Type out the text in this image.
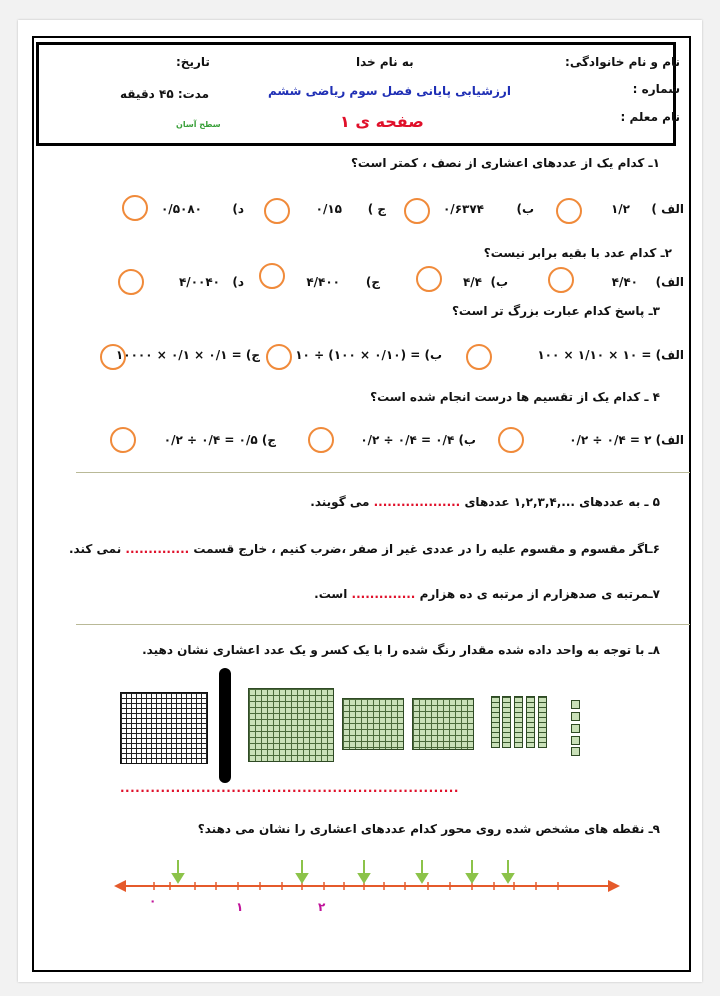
نام و نام خانوادگی:
شماره :
نام معلم :
به نام خدا
ارزشیابی پایانی فصل سوم ریاضی ششم
صفحه ی ۱
تاریخ:
مدت: ۴۵ دقیقه
سطح آسان
۱ـ کدام یک از عددهای اعشاری از نصف ، کمتر است؟
الف )
۱/۲
ب)
۰/۶۳۷۴
ج )
۰/۱۵
د)
۰/۵۰۸۰
۲ـ کدام عدد با بقیه برابر نیست؟
الف)
۴/۴۰
ب)
۴/۴
ج)
۴/۴۰۰
د)
۴/۰۰۴۰
۳ـ پاسخ کدام عبارت بزرگ تر است؟
الف) = ۱۰ × ۱/۱۰ × ۱۰۰
ب) = (۰/۱۰ × ۱۰۰) ÷ ۱۰
ج) = ۰/۱ × ۰/۱ × ۱۰۰۰۰
۴ ـ کدام یک از تقسیم ها درست انجام شده است؟
الف) ۲ = ۰/۴ ÷ ۰/۲
ب) ۰/۴ = ۰/۴ ÷ ۰/۲
ج) ۰/۵ = ۰/۴ ÷ ۰/۲
۵ ـ به عددهای ...,۱,۲,۳,۴ عددهای ................... می گویند.
۶ـاگر مقسوم و مقسوم علیه را در عددی غیر از صفر ،ضرب کنیم ، خارج قسمت .............. نمی کند.
۷ـمرتبه ی صدهزارم از مرتبه ی ده هزارم .............. است.
۸ـ با توجه به واحد داده شده مقدار رنگ شده را با یک کسر و یک عدد اعشاری نشان دهید.
...................................................................
۹ـ نقطه های مشخص شده روی محور کدام عددهای اعشاری را نشان می دهند؟
۰	۱	۲
